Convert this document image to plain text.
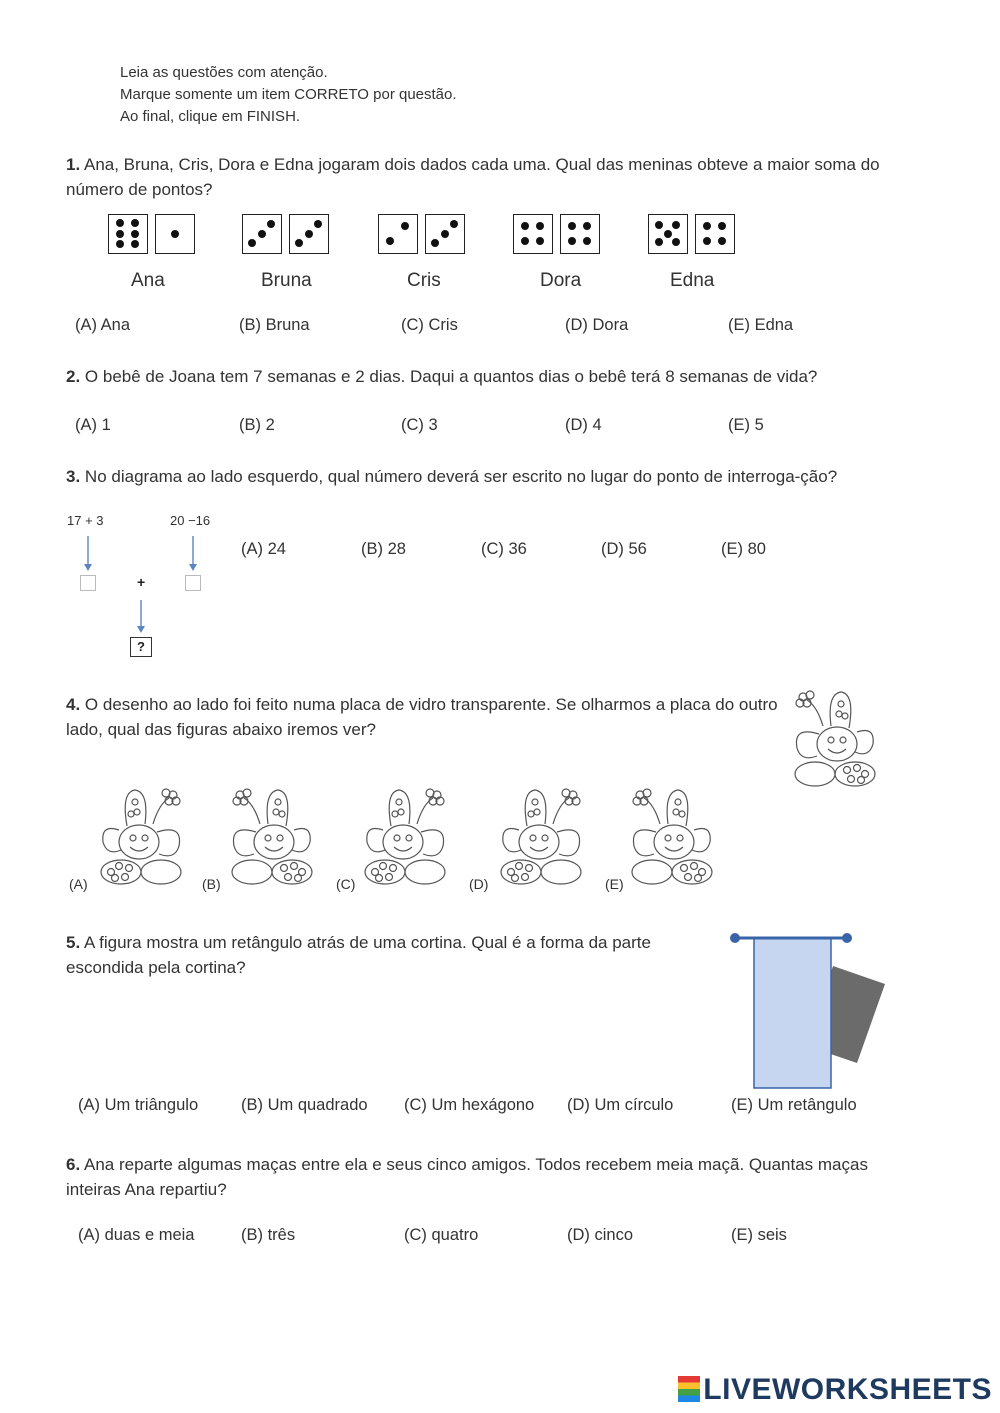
Leia as questões com atenção.
Marque somente um item CORRETO por questão.
Ao final, clique em FINISH.
1. Ana, Bruna, Cris, Dora e Edna jogaram dois dados cada uma. Qual das meninas obteve a maior soma do número de pontos?
Ana	Bruna	Cris	Dora	Edna
(A) Ana	(B) Bruna	(C) Cris	(D) Dora	(E) Edna
2. O bebê de Joana tem 7 semanas e 2 dias. Daqui a quantos dias o bebê terá 8 semanas de vida?
(A) 1	(B) 2	(C) 3	(D) 4	(E) 5
3. No diagrama ao lado esquerdo, qual número deverá ser escrito no lugar do ponto de interroga-ção?
17 + 3	20 −16
+
?
(A) 24	(B) 28	(C) 36	(D) 56	(E) 80
4. O desenho ao lado foi feito numa placa de vidro transparente. Se olharmos a placa do outro lado, qual das figuras abaixo iremos ver?
(A)	(B)	(C)	(D)	(E)
5. A figura mostra um retângulo atrás de uma cortina. Qual é a forma da parte escondida pela cortina?
(A) Um triângulo	(B) Um quadrado (C) Um hexágono (D) Um círculo	(E) Um retângulo
6. Ana reparte algumas maças entre ela e seus cinco amigos. Todos recebem meia maçã. Quantas maças inteiras Ana repartiu?
(A) duas e meia	(B) três	(C) quatro	(D) cinco	(E) seis
LIVEWORKSHEETS
